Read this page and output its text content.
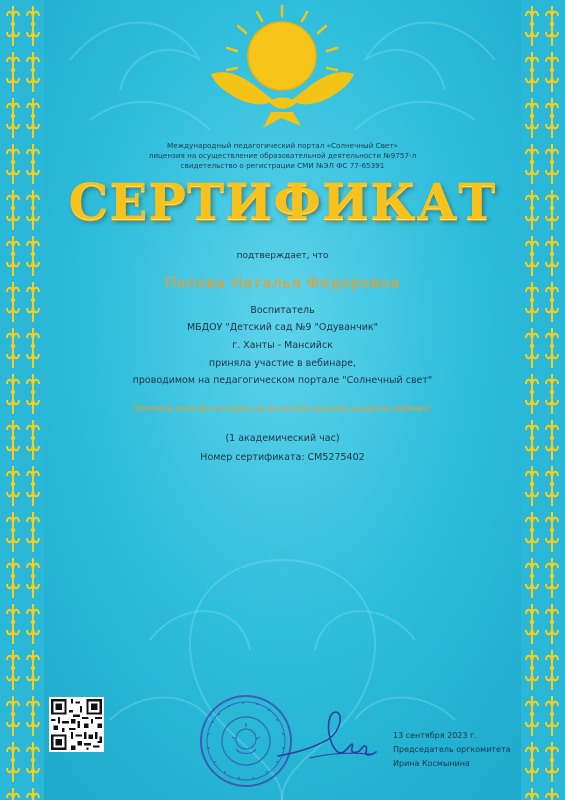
Международный педагогический портал «Солнечный Свет»
лицензия на осуществление образовательной деятельности №9757-л
свидетельство о регистрации СМИ №ЭЛ ФС 77-65391
СЕРТИФИКАТ
подтверждает, что
Попова Наталья Федоровна
Воспитатель
МБДОУ "Детский сад №9 "Одуванчик"
г. Ханты - Мансийск
приняла участие в вебинаре,
проводимом на педагогическом портале "Солнечный свет"
"Влияние мелкой моторики на интеллектуальное развитие ребенка"
(1 академический час)
Номер сертификата: СМ5275402
13 сентября 2023 г.
Председатель оргкомитета
Ирина Космынина
